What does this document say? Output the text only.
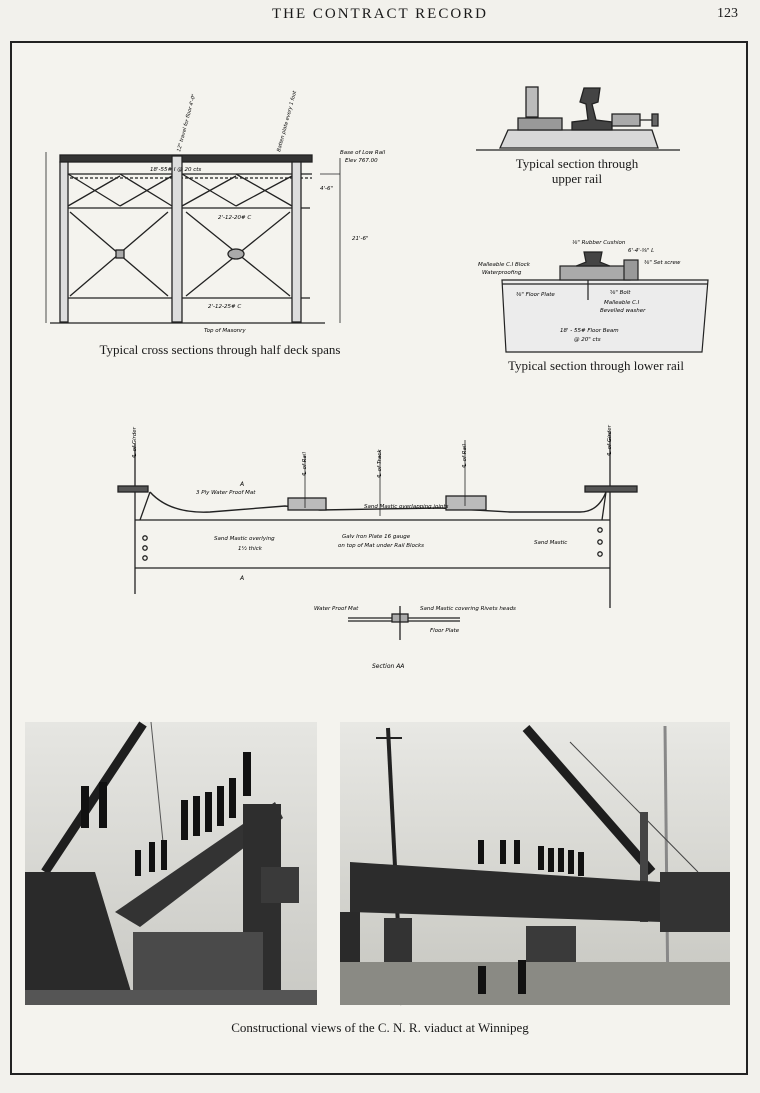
THE CONTRACT RECORD	123
Base of Low Rail
Elev 767.00
18'-55# I @ 20 cts
2'-12-20# C
2'-12-25# C
Top of Masonry
21'-6"
4'-6"
12" travel for floor 4'-0"	Batten plate every 1 foot
Typical cross sections through half deck spans
Typical section through
upper rail
⅛" Rubber Cushion
6'·4'·⅜" L
⅜" Set screw
Malleable C.I Block
Waterproofing
⅝" Bolt
⅜" Floor Plate
Malleable C.I
Bevelled washer
18' - 55# Floor Beam
@ 20" cts
Typical section through lower rail
℄ of Girder
℄ of Rail	℄ of Track	℄ of Rail
℄ of Girder
3 Ply Water Proof Mat
Sand Mastic overlapping joints
Sand Mastic overlying
1½ thick
Galv Iron Plate 16 gauge
on top of Mat under Rail Blocks	Sand Mastic
A
A
Water Proof Mat	Sand Mastic covering Rivets heads
Floor Plate
Section AA
Constructional views of the C. N. R. viaduct at Winnipeg
